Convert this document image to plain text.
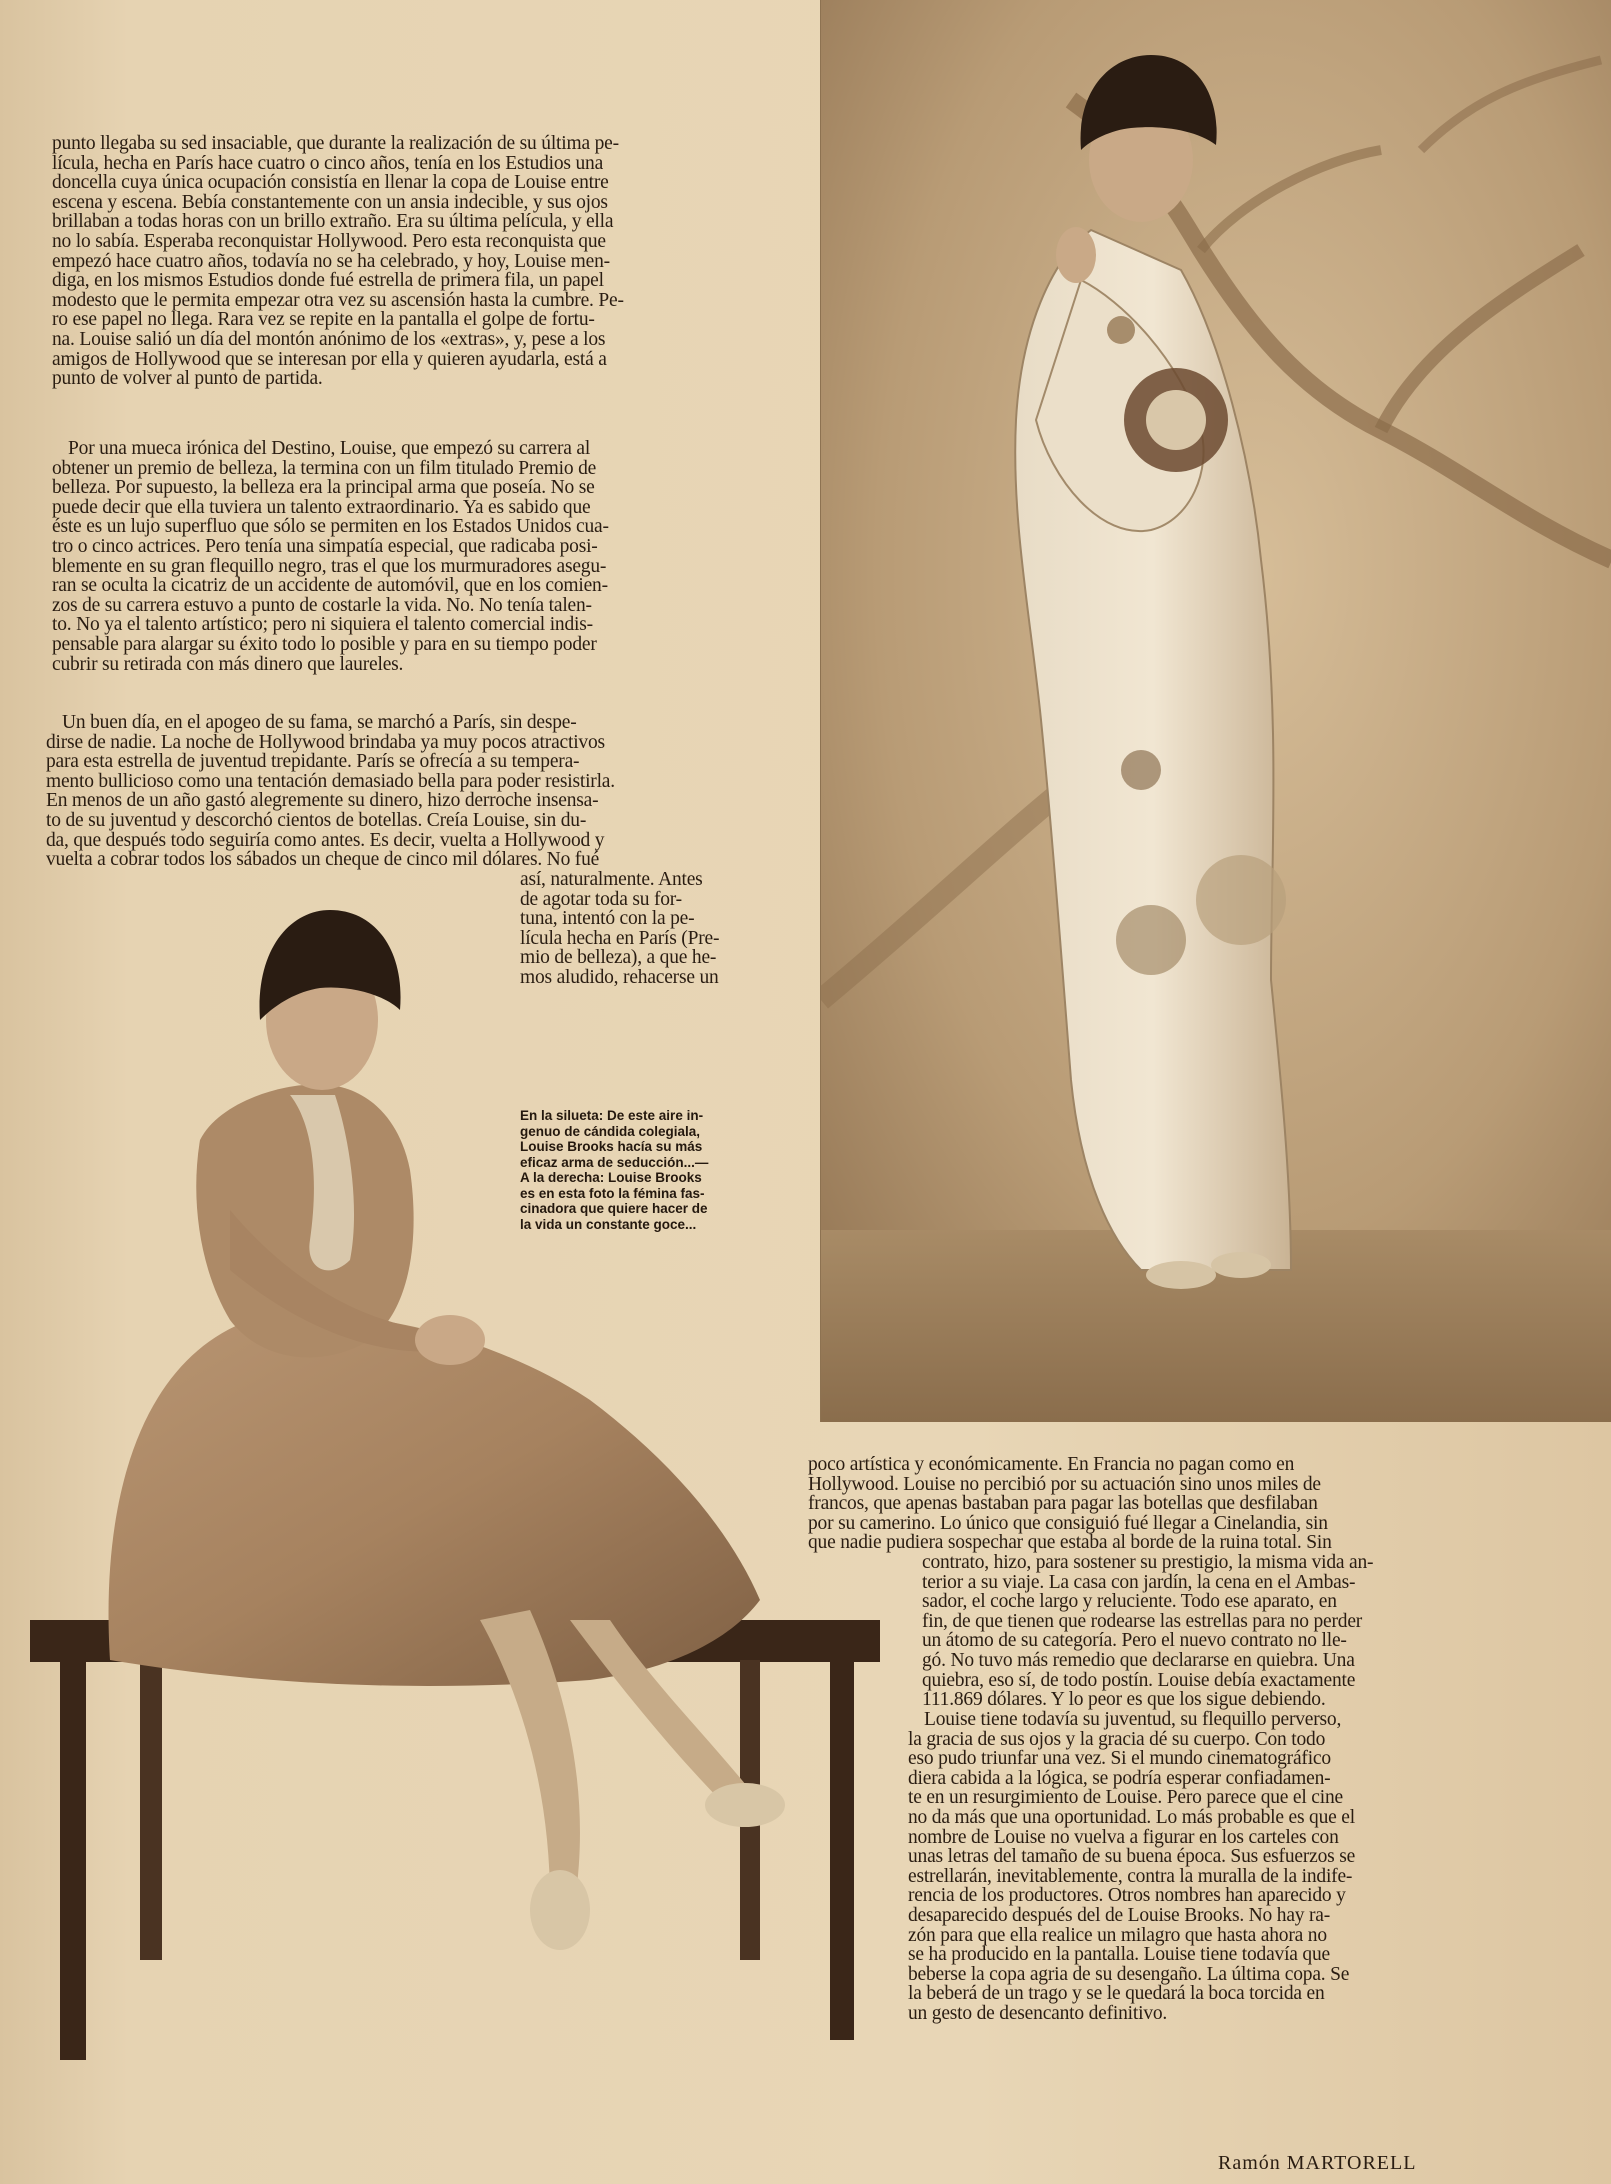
punto llegaba su sed insaciable, que durante la realización de su última pe-
lícula, hecha en París hace cuatro o cinco años, tenía en los Estudios una
doncella cuya única ocupación consistía en llenar la copa de Louise entre
escena y escena. Bebía constantemente con un ansia indecible, y sus ojos
brillaban a todas horas con un brillo extraño. Era su última película, y ella
no lo sabía. Esperaba reconquistar Hollywood. Pero esta reconquista que
empezó hace cuatro años, todavía no se ha celebrado, y hoy, Louise men-
diga, en los mismos Estudios donde fué estrella de primera fila, un papel
modesto que le permita empezar otra vez su ascensión hasta la cumbre. Pe-
ro ese papel no llega. Rara vez se repite en la pantalla el golpe de fortu-
na. Louise salió un día del montón anónimo de los «extras», y, pese a los
amigos de Hollywood que se interesan por ella y quieren ayudarla, está a
punto de volver al punto de partida.
Por una mueca irónica del Destino, Louise, que empezó su carrera al
obtener un premio de belleza, la termina con un film titulado Premio de
belleza. Por supuesto, la belleza era la principal arma que poseía. No se
puede decir que ella tuviera un talento extraordinario. Ya es sabido que
éste es un lujo superfluo que sólo se permiten en los Estados Unidos cua-
tro o cinco actrices. Pero tenía una simpatía especial, que radicaba posi-
blemente en su gran flequillo negro, tras el que los murmuradores asegu-
ran se oculta la cicatriz de un accidente de automóvil, que en los comien-
zos de su carrera estuvo a punto de costarle la vida. No. No tenía talen-
to. No ya el talento artístico; pero ni siquiera el talento comercial indis-
pensable para alargar su éxito todo lo posible y para en su tiempo poder
cubrir su retirada con más dinero que laureles.
Un buen día, en el apogeo de su fama, se marchó a París, sin despe-
dirse de nadie. La noche de Hollywood brindaba ya muy pocos atractivos
para esta estrella de juventud trepidante. París se ofrecía a su tempera-
mento bullicioso como una tentación demasiado bella para poder resistirla.
En menos de un año gastó alegremente su dinero, hizo derroche insensa-
to de su juventud y descorchó cientos de botellas. Creía Louise, sin du-
da, que después todo seguiría como antes. Es decir, vuelta a Hollywood y
vuelta a cobrar todos los sábados un cheque de cinco mil dólares. No fué
así, naturalmente. Antes
de agotar toda su for-
tuna, intentó con la pe-
lícula hecha en París (Pre-
mio de belleza), a que he-
mos aludido, rehacerse un
En la silueta: De este aire in-
genuo de cándida colegiala,
Louise Brooks hacía su más
eficaz arma de seducción...—
A la derecha: Louise Brooks
es en esta foto la fémina fas-
cinadora que quiere hacer de
la vida un constante goce...
poco artística y económicamente. En Francia no pagan como en
Hollywood. Louise no percibió por su actuación sino unos miles de
francos, que apenas bastaban para pagar las botellas que desfilaban
por su camerino. Lo único que consiguió fué llegar a Cinelandia, sin
que nadie pudiera sospechar que estaba al borde de la ruina total. Sin
contrato, hizo, para sostener su prestigio, la misma vida an-
terior a su viaje. La casa con jardín, la cena en el Ambas-
sador, el coche largo y reluciente. Todo ese aparato, en
fin, de que tienen que rodearse las estrellas para no perder
un átomo de su categoría. Pero el nuevo contrato no lle-
gó. No tuvo más remedio que declararse en quiebra. Una
quiebra, eso sí, de todo postín. Louise debía exactamente
111.869 dólares. Y lo peor es que los sigue debiendo.
Louise tiene todavía su juventud, su flequillo perverso,
la gracia de sus ojos y la gracia dé su cuerpo. Con todo
eso pudo triunfar una vez. Si el mundo cinematográfico
diera cabida a la lógica, se podría esperar confiadamen-
te en un resurgimiento de Louise. Pero parece que el cine
no da más que una oportunidad. Lo más probable es que el
nombre de Louise no vuelva a figurar en los carteles con
unas letras del tamaño de su buena época. Sus esfuerzos se
estrellarán, inevitablemente, contra la muralla de la indife-
rencia de los productores. Otros nombres han aparecido y
desaparecido después del de Louise Brooks. No hay ra-
zón para que ella realice un milagro que hasta ahora no
se ha producido en la pantalla. Louise tiene todavía que
beberse la copa agria de su desengaño. La última copa. Se
la beberá de un trago y se le quedará la boca torcida en
un gesto de desencanto definitivo.
Ramón MARTORELL
